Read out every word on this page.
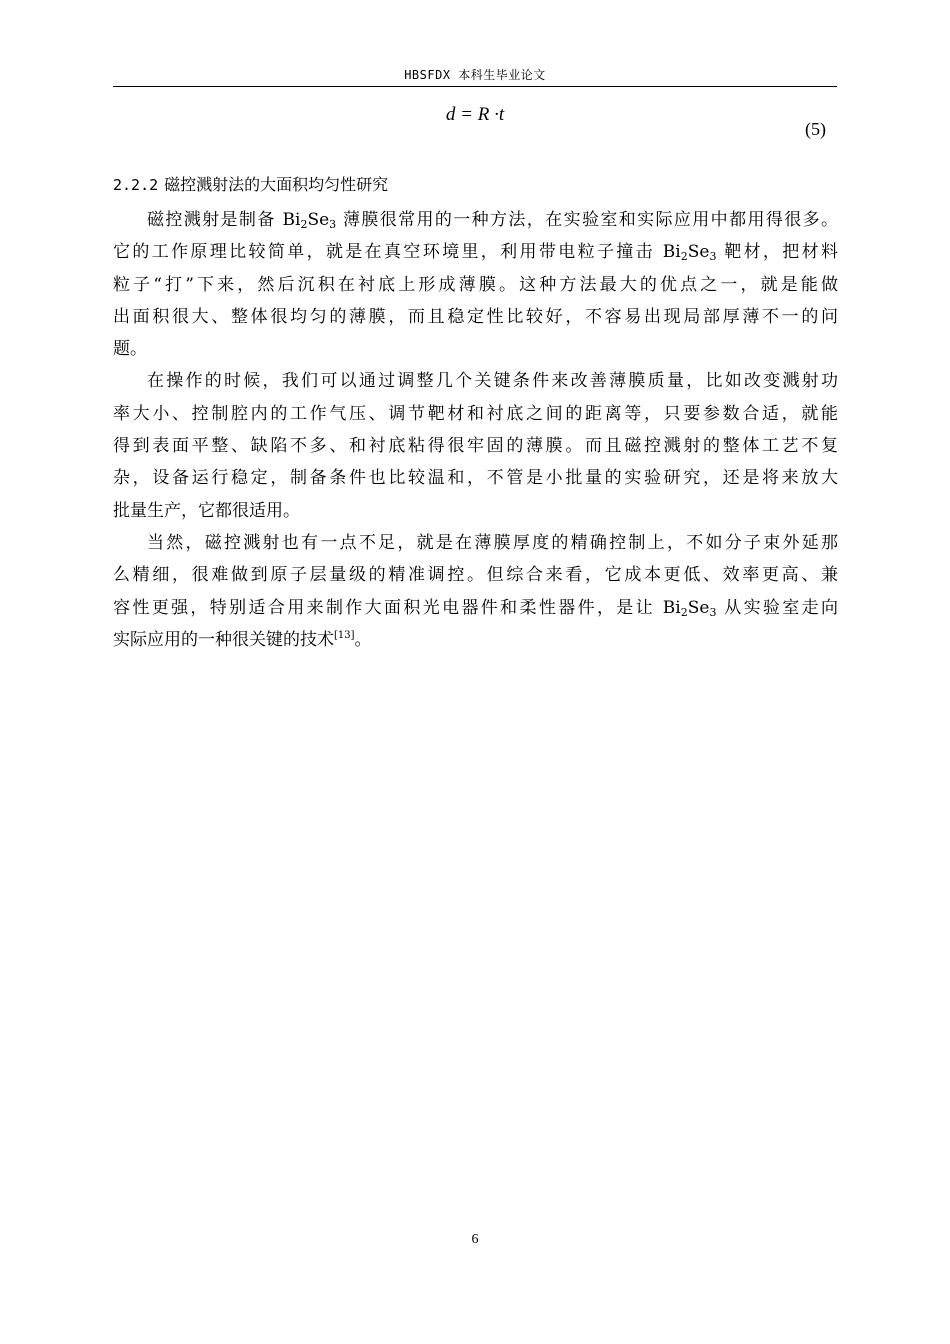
HBSFDX 本科生毕业论文
d = R ·t
(5)
2.2.2 磁控溅射法的大面积均匀性研究

磁控溅射是制备 $Bi_2Se_3$ 薄膜很常用的一种方法，在实验室和实际应用中都用得很多。
它的工作原理比较简单，就是在真空环境里，利用带电粒子撞击 $Bi_2Se_3$ 靶材，把材料
粒子“打”下来，然后沉积在衬底上形成薄膜。这种方法最大的优点之一，就是能做
出面积很大、整体很均匀的薄膜，而且稳定性比较好，不容易出现局部厚薄不一的问
题。

在操作的时候，我们可以通过调整几个关键条件来改善薄膜质量，比如改变溅射功
率大小、控制腔内的工作气压、调节靶材和衬底之间的距离等，只要参数合适，就能
得到表面平整、缺陷不多、和衬底粘得很牢固的薄膜。而且磁控溅射的整体工艺不复
杂，设备运行稳定，制备条件也比较温和，不管是小批量的实验研究，还是将来放大
批量生产，它都很适用。

当然，磁控溅射也有一点不足，就是在薄膜厚度的精确控制上，不如分子束外延那
么精细，很难做到原子层量级的精准调控。但综合来看，它成本更低、效率更高、兼
容性更强，特别适合用来制作大面积光电器件和柔性器件，是让 $Bi_2Se_3$ 从实验室走向
实际应用的一种很关键的技术[13]。

6
